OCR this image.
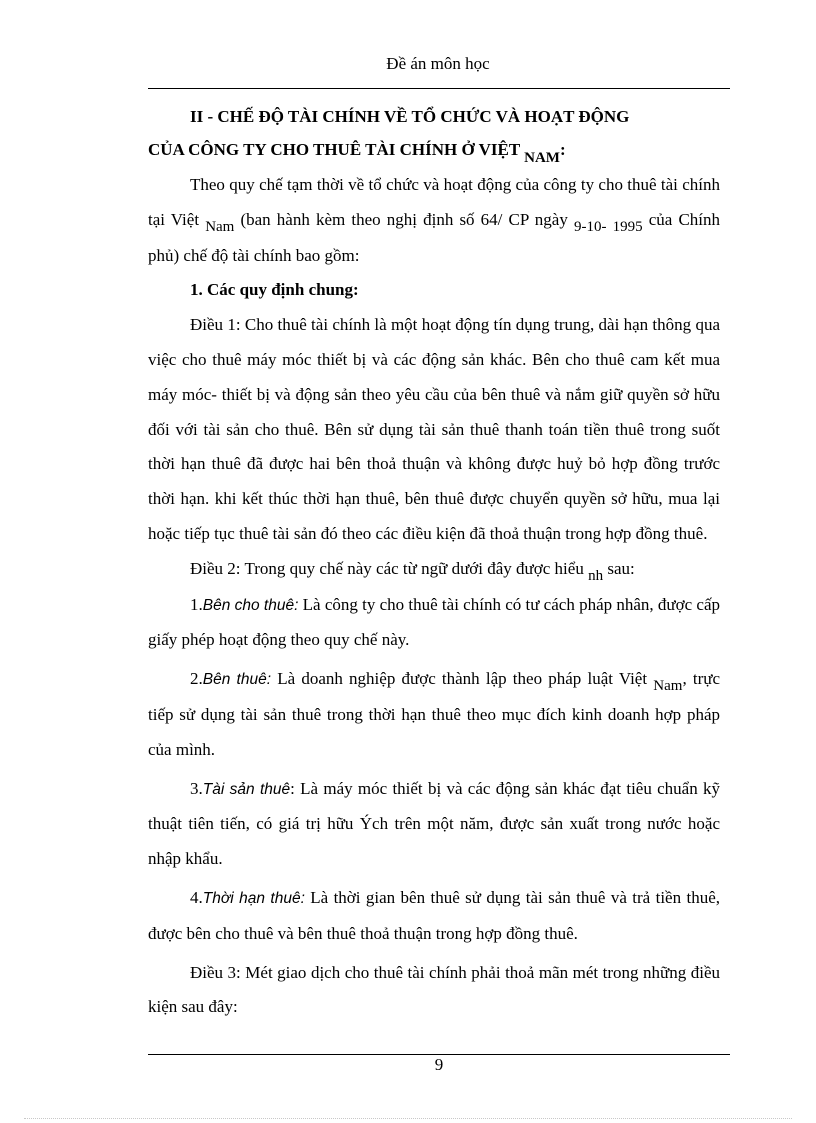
Đề án môn học

II - CHẾ ĐỘ TÀI CHÍNH VỀ TỔ CHỨC VÀ HOẠT ĐỘNG

CỦA CÔNG TY CHO THUÊ TÀI CHÍNH Ở VIỆT NAM:

Theo quy chế tạm thời về tổ chức và hoạt động của công ty cho thuê tài chính tại Việt Nam (ban hành kèm theo nghị định số 64/ CP ngày 9-10- 1995 của Chính phủ) chế độ tài chính bao gồm:

1. Các quy định chung:

Điều 1: Cho thuê tài chính là một hoạt động tín dụng trung, dài hạn thông qua việc cho thuê máy móc thiết bị và các động sản khác. Bên cho thuê cam kết mua máy móc- thiết bị và động sản theo yêu cầu của bên thuê và nắm giữ quyền sở hữu đối với tài sản cho thuê. Bên sử dụng tài sản thuê thanh toán tiền thuê trong suốt thời hạn thuê đã được hai bên thoả thuận và không được huỷ bỏ hợp đồng trước thời hạn. khi kết thúc thời hạn thuê, bên thuê được chuyển quyền sở hữu, mua lại hoặc tiếp tục thuê tài sản đó theo các điều kiện đã thoả thuận trong hợp đồng thuê.

Điều 2: Trong quy chế này các từ ngữ dưới đây được hiểu nh sau:

1.Bên cho thuê: Là công ty cho thuê tài chính có tư cách pháp nhân, được cấp giấy phép hoạt động theo quy chế này.

2.Bên thuê: Là doanh nghiệp được thành lập theo pháp luật Việt Nam, trực tiếp sử dụng tài sản thuê trong thời hạn thuê theo mục đích kinh doanh hợp pháp của mình.

3.Tài sản thuê: Là máy móc thiết bị và các động sản khác đạt tiêu chuẩn kỹ thuật tiên tiến, có giá trị hữu Ých trên một năm, được sản xuất trong nước hoặc nhập khẩu.

4.Thời hạn thuê: Là thời gian bên thuê sử dụng tài sản thuê và trả tiền thuê, được bên cho thuê và bên thuê thoả thuận trong hợp đồng thuê.

Điều 3: Mét giao dịch cho thuê tài chính phải thoả mãn mét trong những điều kiện sau đây:

9
